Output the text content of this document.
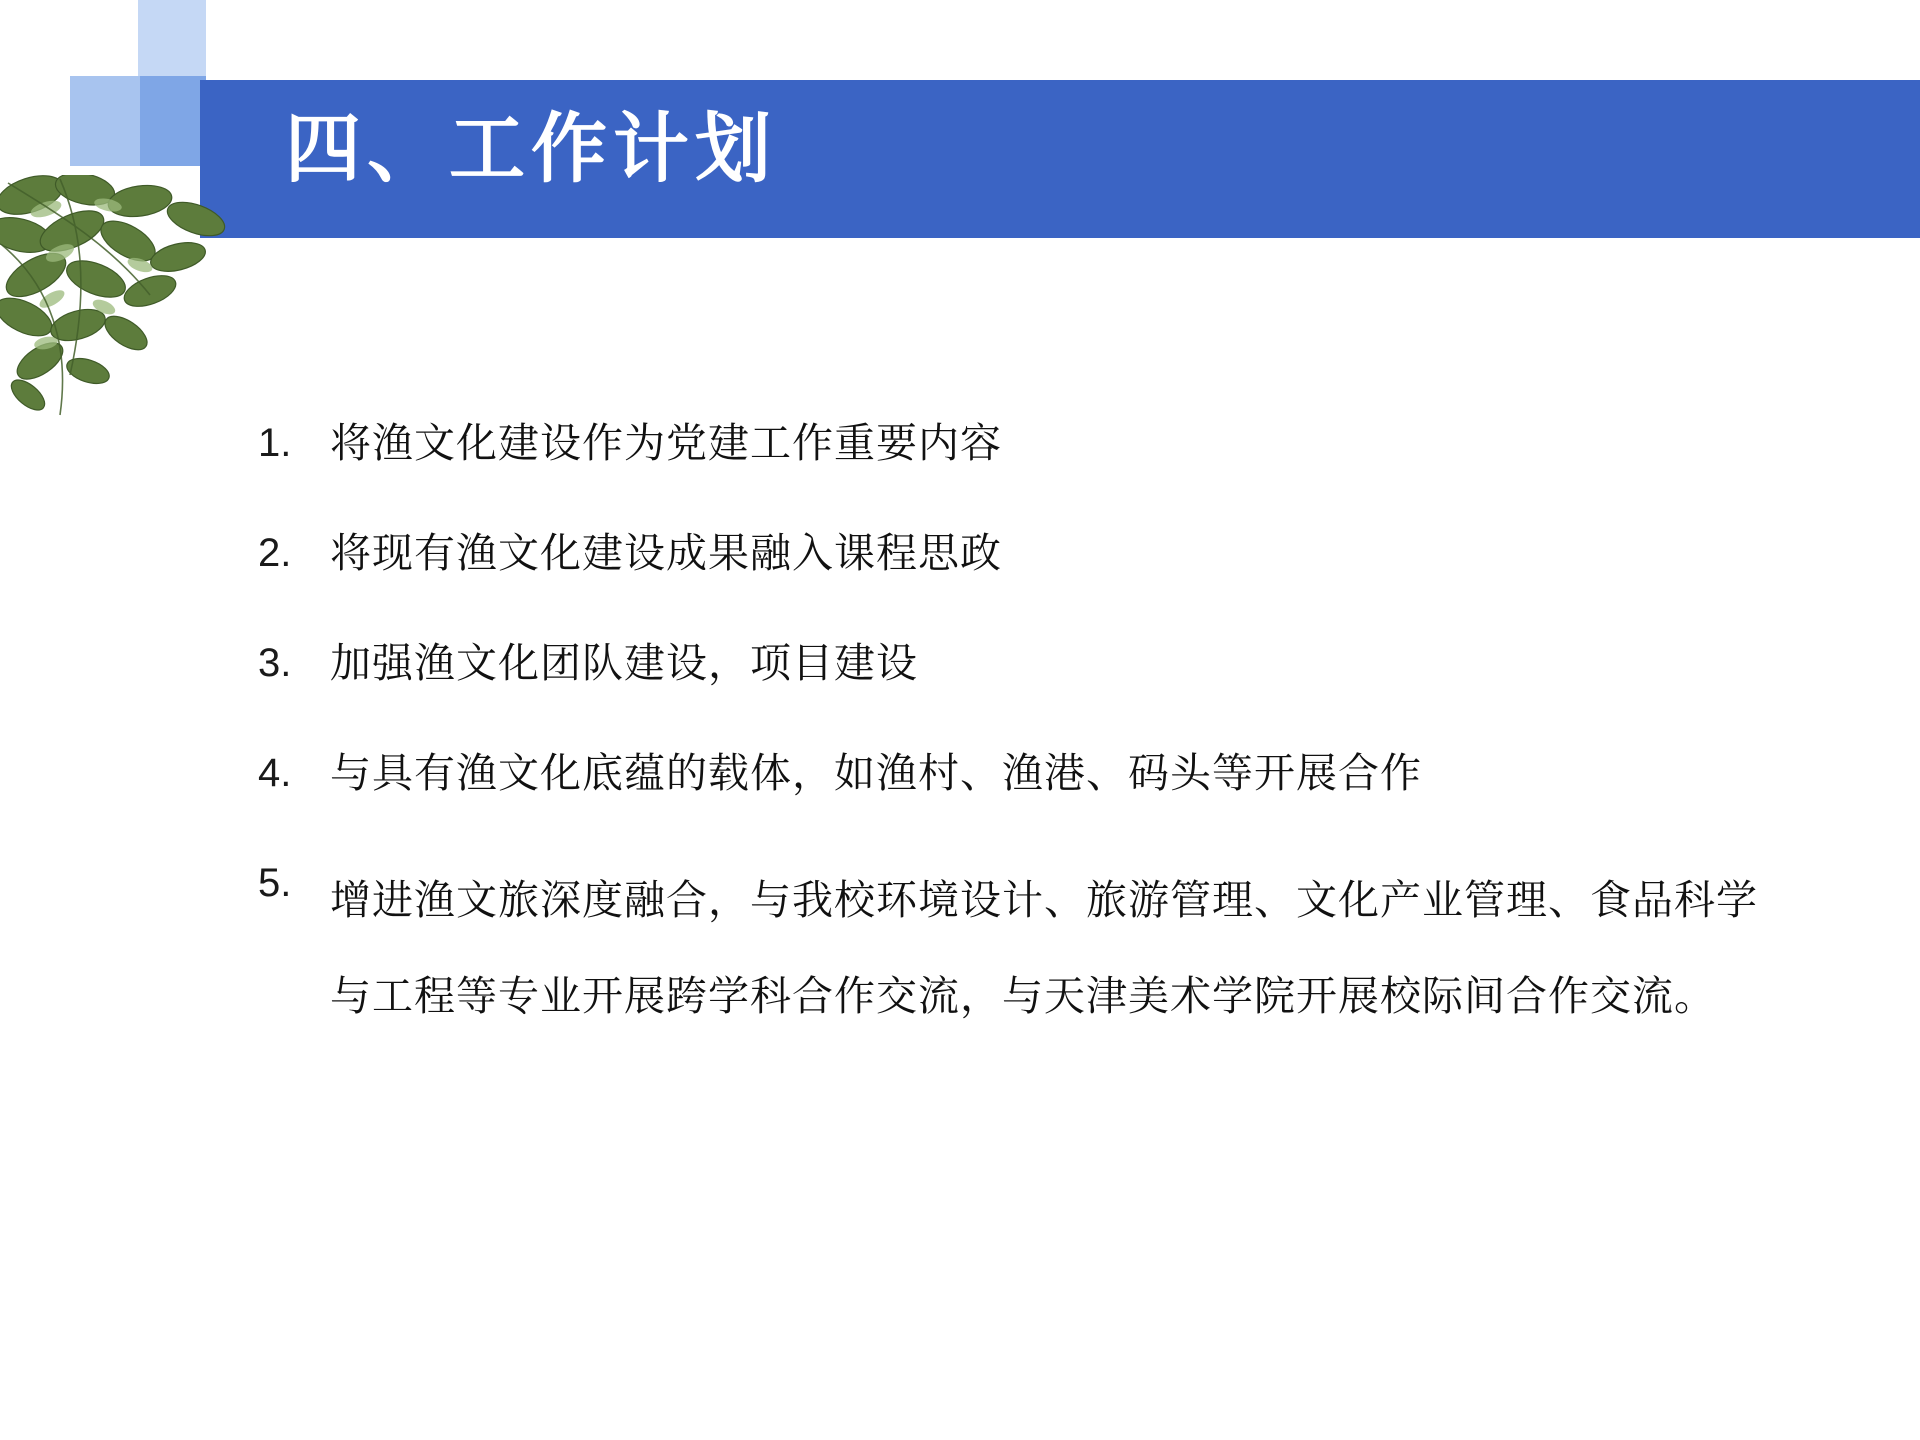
四、工作计划
1. 将渔文化建设作为党建工作重要内容
2. 将现有渔文化建设成果融入课程思政
3. 加强渔文化团队建设，项目建设
4. 与具有渔文化底蕴的载体，如渔村、渔港、码头等开展合作
5. 增进渔文旅深度融合，与我校环境设计、旅游管理、文化产业管理、食品科学与工程等专业开展跨学科合作交流，与天津美术学院开展校际间合作交流。
